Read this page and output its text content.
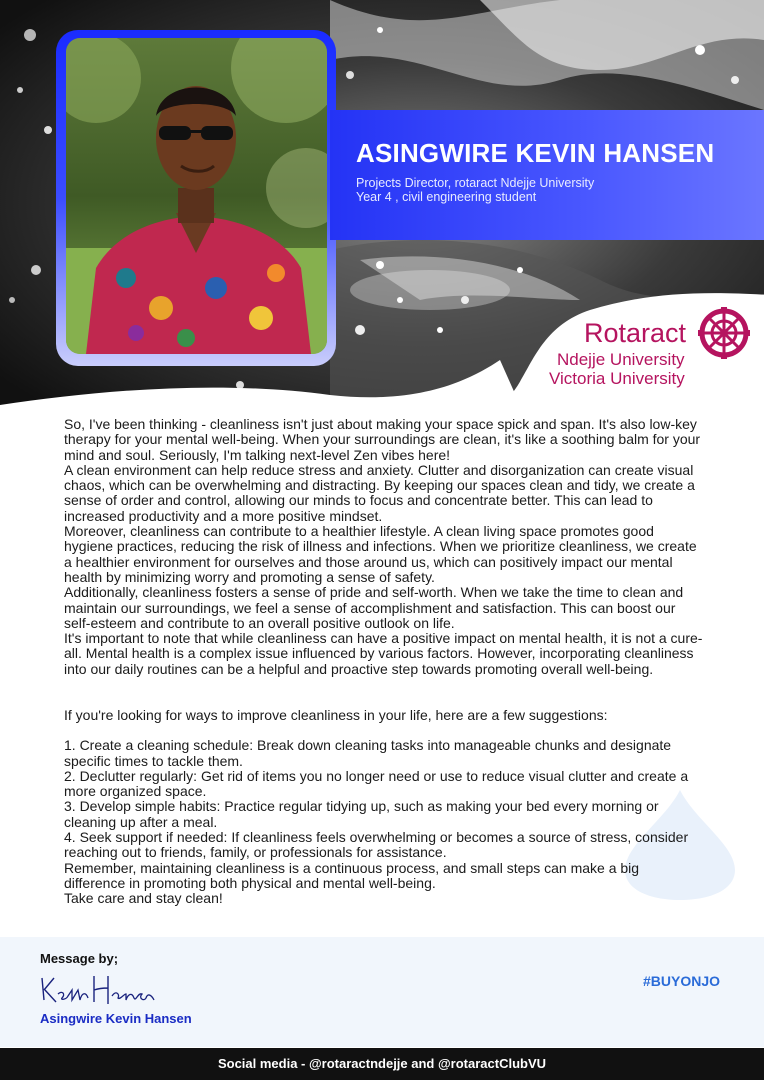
ASINGWIRE KEVIN HANSEN
Projects Director, rotaract Ndejje University
Year 4 , civil engineering student
Rotaract
Ndejje University
Victoria University
So, I've been thinking - cleanliness isn't just about making your space spick and span. It's also low-key therapy for your mental well-being. When your surroundings are clean, it's like a soothing balm for your mind and soul. Seriously, I'm talking next-level Zen vibes here!
A clean environment can help reduce stress and anxiety. Clutter and disorganization can create visual chaos, which can be overwhelming and distracting. By keeping our spaces clean and tidy, we create a sense of order and control, allowing our minds to focus and concentrate better. This can lead to increased productivity and a more positive mindset.
Moreover, cleanliness can contribute to a healthier lifestyle. A clean living space promotes good hygiene practices, reducing the risk of illness and infections. When we prioritize cleanliness, we create a healthier environment for ourselves and those around us, which can positively impact our mental health by minimizing worry and promoting a sense of safety.
Additionally, cleanliness fosters a sense of pride and self-worth. When we take the time to clean and maintain our surroundings, we feel a sense of accomplishment and satisfaction. This can boost our self-esteem and contribute to an overall positive outlook on life.
It's important to note that while cleanliness can have a positive impact on mental health, it is not a cure-all. Mental health is a complex issue influenced by various factors. However, incorporating cleanliness into our daily routines can be a helpful and proactive step towards promoting overall well-being.

If you're looking for ways to improve cleanliness in your life, here are a few suggestions:

1. Create a cleaning schedule: Break down cleaning tasks into manageable chunks and designate specific times to tackle them.
2. Declutter regularly: Get rid of items you no longer need or use to reduce visual clutter and create a more organized space.
3. Develop simple habits: Practice regular tidying up, such as making your bed every morning or cleaning up after a meal.
4. Seek support if needed: If cleanliness feels overwhelming or becomes a source of stress, consider reaching out to friends, family, or professionals for assistance.
Remember, maintaining cleanliness is a continuous process, and small steps can make a big difference in promoting both physical and mental well-being.
Take care and stay clean!
Message by;
Asingwire Kevin Hansen
#BUYONJO
Social media - @rotaractndejje and @rotaractClubVU
